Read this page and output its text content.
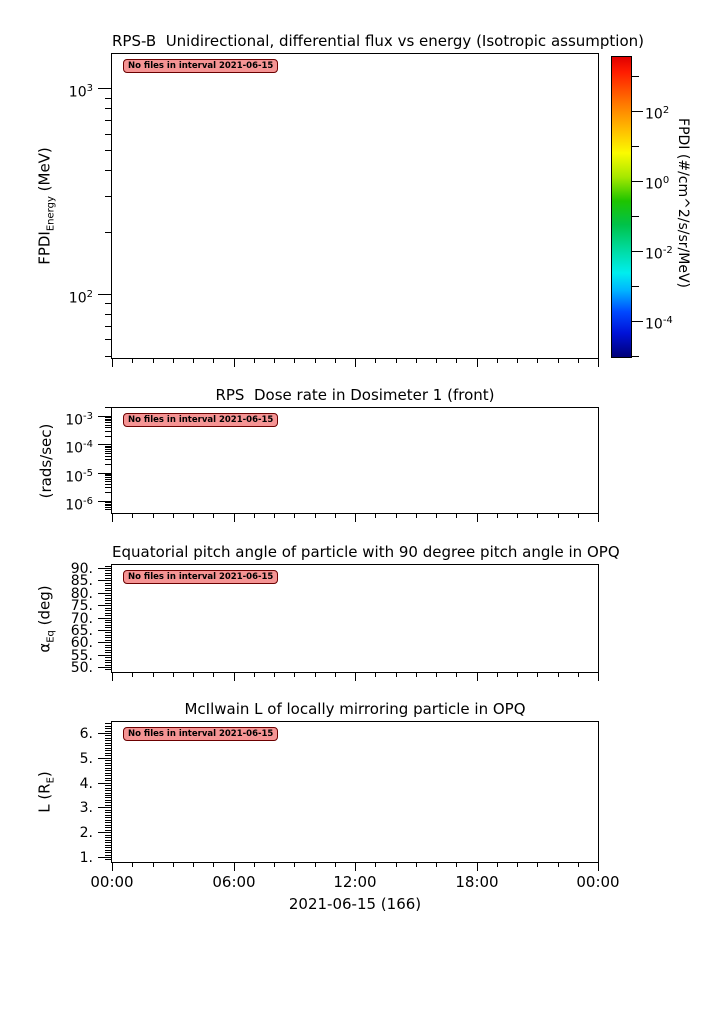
RPS-B  Unidirectional, differential flux vs energy (Isotropic assumption)
$FPDI_{Energy}$ (MeV)
$10^3$
$10^2$
No files in interval 2021-06-15
RPS  Dose rate in Dosimeter 1 (front)
(rads/sec)
$10^{-3}$
$10^{-4}$
$10^{-5}$
$10^{-6}$
No files in interval 2021-06-15
Equatorial pitch angle of particle with 90 degree pitch angle in OPQ
$\alpha_{Eq}$ (deg)
90.
85.
80.
75.
70.
65.
60.
55.
50.
No files in interval 2021-06-15
McIlwain L of locally mirroring particle in OPQ
L $(R_E)$
6.
5.
4.
3.
2.
1.
00:00	06:00	12:00	18:00	00:00
2021-06-15 (166)
No files in interval 2021-06-15
$10^2$
$10^0$
$10^{-2}$
$10^{-4}$
FPDI (#/cm^2/s/sr/MeV)
